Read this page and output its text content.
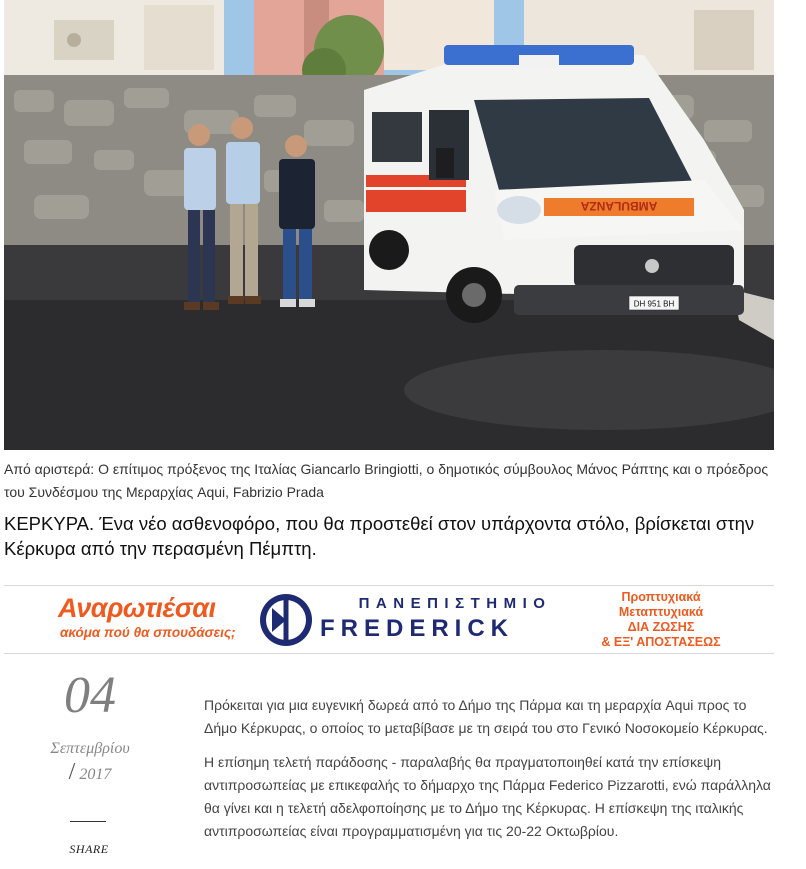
AMBULANZA
DH 951 BH

Από αριστερά: Ο επίτιμος πρόξενος της Ιταλίας Giancarlo Bringiotti, ο δημοτικός σύμβουλος Μάνος Ράπτης και ο πρόεδρος του Συνδέσμου της Μεραρχίας Aqui, Fabrizio Prada

ΚΕΡΚΥΡΑ. Ένα νέο ασθενοφόρο, που θα προστεθεί στον υπάρχοντα στόλο, βρίσκεται στην Κέρκυρα από την περασμένη Πέμπτη.

Αναρωτιέσαι
ακόμα πού θα σπουδάσεις;
ΠΑΝΕΠΙΣΤΗΜΙΟ
FREDERICK
Προπτυχιακά
Μεταπτυχιακά
ΔΙΑ ΖΩΣΗΣ
& ΕΞ' ΑΠΟΣΤΑΣΕΩΣ
04
Σεπτεμβρίου
/ 2017
SHARE

Πρόκειται για μια ευγενική δωρεά από το Δήμο της Πάρμα και τη μεραρχία Aqui προς το Δήμο Κέρκυρας, ο οποίος το μεταβίβασε με τη σειρά του στο Γενικό Νοσοκομείο Κέρκυρας.

Η επίσημη τελετή παράδοσης - παραλαβής θα πραγματοποιηθεί κατά την επίσκεψη αντιπροσωπείας με επικεφαλής το δήμαρχο της Πάρμα Federico Pizzarotti, ενώ παράλληλα θα γίνει και η τελετή αδελφοποίησης με το Δήμο της Κέρκυρας. Η επίσκεψη της ιταλικής αντιπροσωπείας είναι προγραμματισμένη για τις 20-22 Οκτωβρίου.
